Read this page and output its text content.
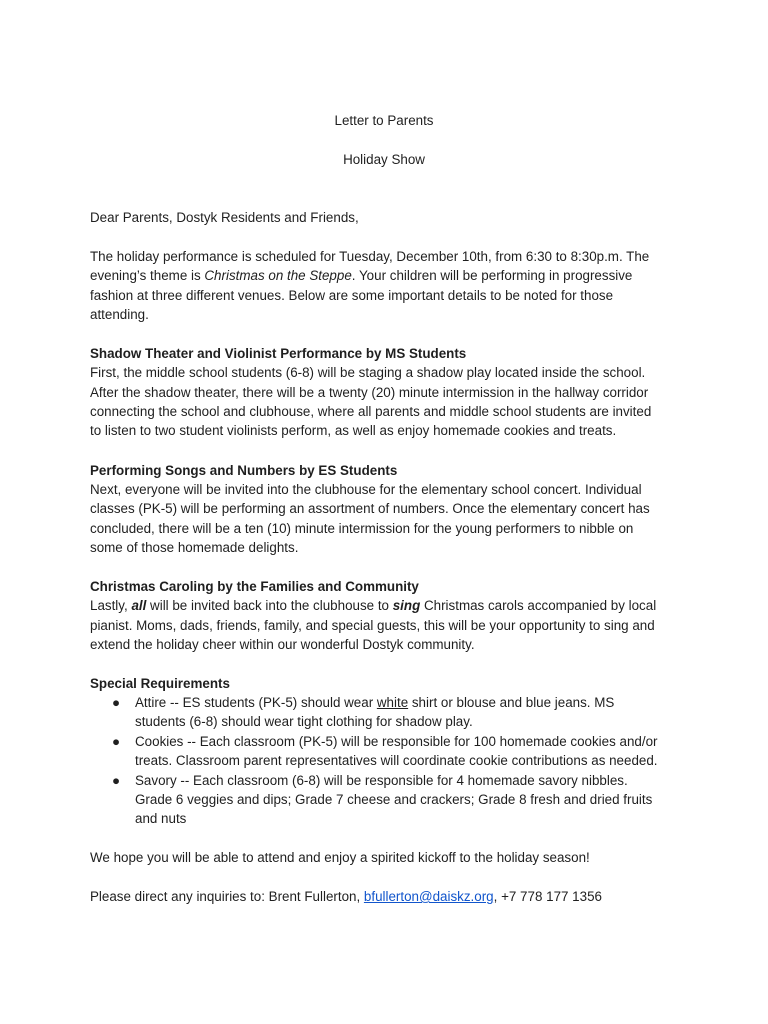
Letter to Parents
Holiday Show
Dear Parents, Dostyk Residents and Friends,
The holiday performance is scheduled for Tuesday, December 10th, from 6:30 to 8:30p.m. The
evening’s theme is Christmas on the Steppe. Your children will be performing in progressive
fashion at three different venues. Below are some important details to be noted for those
attending.
Shadow Theater and Violinist Performance by MS Students
First, the middle school students (6-8) will be staging a shadow play located inside the school.
After the shadow theater, there will be a twenty (20) minute intermission in the hallway corridor
connecting the school and clubhouse, where all parents and middle school students are invited
to listen to two student violinists perform, as well as enjoy homemade cookies and treats.
Performing Songs and Numbers by ES Students
Next, everyone will be invited into the clubhouse for the elementary school concert. Individual
classes (PK-5) will be performing an assortment of numbers. Once the elementary concert has
concluded, there will be a ten (10) minute intermission for the young performers to nibble on
some of those homemade delights.
Christmas Caroling by the Families and Community
Lastly, all will be invited back into the clubhouse to sing Christmas carols accompanied by local
pianist. Moms, dads, friends, family, and special guests, this will be your opportunity to sing and
extend the holiday cheer within our wonderful Dostyk community.
Special Requirements
● Attire -- ES students (PK-5) should wear white shirt or blouse and blue jeans. MS
students (6-8) should wear tight clothing for shadow play.
● Cookies -- Each classroom (PK-5) will be responsible for 100 homemade cookies and/or
treats. Classroom parent representatives will coordinate cookie contributions as needed.
● Savory -- Each classroom (6-8) will be responsible for 4 homemade savory nibbles.
Grade 6 veggies and dips; Grade 7 cheese and crackers; Grade 8 fresh and dried fruits
and nuts
We hope you will be able to attend and enjoy a spirited kickoff to the holiday season!
Please direct any inquiries to: Brent Fullerton, bfullerton@daiskz.org, +7 778 177 1356
